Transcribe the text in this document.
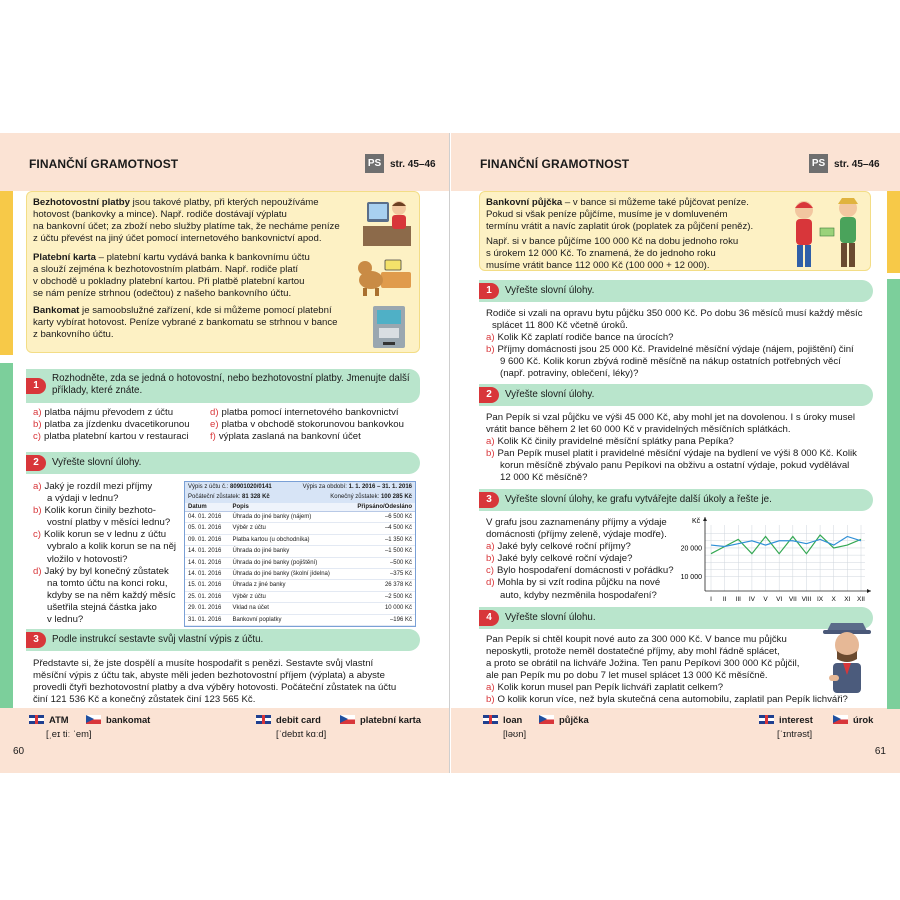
FINANČNÍ GRAMOTNOST	PS str. 45–46

Bezhotovostní platby jsou takové platby, při kterých nepoužíváme
hotovost (bankovky a mince). Např. rodiče dostávají výplatu
na bankovní účet; za zboží nebo služby platíme tak, že necháme peníze
z účtu převést na jiný účet pomocí internetového bankovnictví apod.

Platební karta – platební kartu vydává banka k bankovnímu účtu
a slouží zejména k bezhotovostním platbám. Např. rodiče platí
v obchodě u pokladny platební kartou. Při platbě platební kartou
se nám peníze strhnou (odečtou) z našeho bankovního účtu.

Bankomat je samoobslužné zařízení, kde si můžeme pomocí platební
karty vybírat hotovost. Peníze vybrané z bankomatu se strhnou v bance
z bankovního účtu.

1
Rozhodněte, zda se jedná o hotovostní, nebo bezhotovostní platby. Jmenujte další příklady, které znáte.
a) platba nájmu převodem z účtu
b) platba za jízdenku dvacetikorunou
c) platba platební kartou v restauraci
d) platba pomocí internetového bankovnictví
e) platba v obchodě stokorunovou bankovkou
f) výplata zaslaná na bankovní účet
2	Vyřešte slovní úlohy.
a) Jaký je rozdíl mezi příjmy
a výdaji v lednu?
b) Kolik korun činily bezhoto-
vostní platby v měsíci lednu?
c) Kolik korun se v lednu z účtu
vybralo a kolik korun se na něj
vložilo v hotovosti?
d) Jaký by byl konečný zůstatek
na tomto účtu na konci roku,
kdyby se na něm každý měsíc
ušetřila stejná částka jako
v lednu?
Výpis z účtu č.: 80901020/0141	Výpis za období: 1. 1. 2016 – 31. 1. 2016
Počáteční zůstatek: 81 328 Kč	Konečný zůstatek: 100 285 Kč
Datum	Popis	Připsáno/Odesláno
04. 01. 2016	Úhrada do jiné banky (nájem)	–6 500 Kč
05. 01. 2016	Výběr z účtu	–4 500 Kč
09. 01. 2016	Platba kartou (u obchodníka)	–1 350 Kč
14. 01. 2016	Úhrada do jiné banky	–1 500 Kč
14. 01. 2016	Úhrada do jiné banky (pojištění)	–500 Kč
14. 01. 2016	Úhrada do jiné banky (školní jídelna)	–375 Kč
15. 01. 2016	Úhrada z jiné banky	26 378 Kč
25. 01. 2016	Výběr z účtu	–2 500 Kč
29. 01. 2016	Vklad na účet	10 000 Kč
31. 01. 2016	Bankovní poplatky	–196 Kč
3	Podle instrukcí sestavte svůj vlastní výpis z účtu.
Představte si, že jste dospělí a musíte hospodařit s penězi. Sestavte svůj vlastní
měsíční výpis z účtu tak, abyste měli jeden bezhotovostní příjem (výplata) a abyste
provedli čtyři bezhotovostní platby a dva výběry hotovosti. Počáteční zůstatek na účtu
činí 121 536 Kč a konečný zůstatek činí 123 565 Kč.
ATM	bankomat
[ˌeɪ tiː ˈem]
debit card	platební karta
[ˈdebɪt kɑːd]
60
FINANČNÍ GRAMOTNOST	PS str. 45–46

Bankovní půjčka – v bance si můžeme také půjčovat peníze.
Pokud si však peníze půjčíme, musíme je v domluveném
termínu vrátit a navíc zaplatit úrok (poplatek za půjčení peněz).

Např. si v bance půjčíme 100 000 Kč na dobu jednoho roku
s úrokem 12 000 Kč. To znamená, že do jednoho roku
musíme vrátit bance 112 000 Kč (100 000 + 12 000).

1	Vyřešte slovní úlohy.
Rodiče si vzali na opravu bytu půjčku 350 000 Kč. Po dobu 36 měsíců musí každý měsíc
splácet 11 800 Kč včetně úroků.
a) Kolik Kč zaplatí rodiče bance na úrocích?
b) Příjmy domácnosti jsou 25 000 Kč. Pravidelné měsíční výdaje (nájem, pojištění) činí
9 600 Kč. Kolik korun zbývá rodině měsíčně na nákup ostatních potřebných věcí
(např. potraviny, oblečení, léky)?
2	Vyřešte slovní úlohy.
Pan Pepík si vzal půjčku ve výši 45 000 Kč, aby mohl jet na dovolenou. I s úroky musel
vrátit bance během 2 let 60 000 Kč v pravidelných měsíčních splátkách.
a) Kolik Kč činily pravidelné měsíční splátky pana Pepíka?
b) Pan Pepík musel platit i pravidelné měsíční výdaje na bydlení ve výši 8 000 Kč. Kolik
korun měsíčně zbývalo panu Pepíkovi na obživu a ostatní výdaje, pokud vydělával
12 000 Kč měsíčně?
3	Vyřešte slovní úlohy, ke grafu vytvářejte další úkoly a řešte je.
V grafu jsou zaznamenány příjmy a výdaje
domácnosti (příjmy zeleně, výdaje modře).
a) Jaké byly celkové roční příjmy?
b) Jaké byly celkové roční výdaje?
c) Bylo hospodaření domácnosti v pořádku?
d) Mohla by si vzít rodina půjčku na nové
auto, kdyby nezměnila hospodaření?
Kč
10 000
20 000
I II III IV V VI VII VIII IX X XI XII
4	Vyřešte slovní úlohu.
Pan Pepík si chtěl koupit nové auto za 300 000 Kč. V bance mu půjčku
neposkytli, protože neměl dostatečné příjmy, aby mohl řádně splácet,
a proto se obrátil na lichváře Jožina. Ten panu Pepíkovi 300 000 Kč půjčil,
ale pan Pepík mu po dobu 7 let musel splácet 13 000 Kč měsíčně.
a) Kolik korun musel pan Pepík lichváři zaplatit celkem?
b) O kolik korun více, než byla skutečná cena automobilu, zaplatil pan Pepík lichváři?
loan	půjčka
[ləʊn]
interest	úrok
[ˈɪntrəst]
61
